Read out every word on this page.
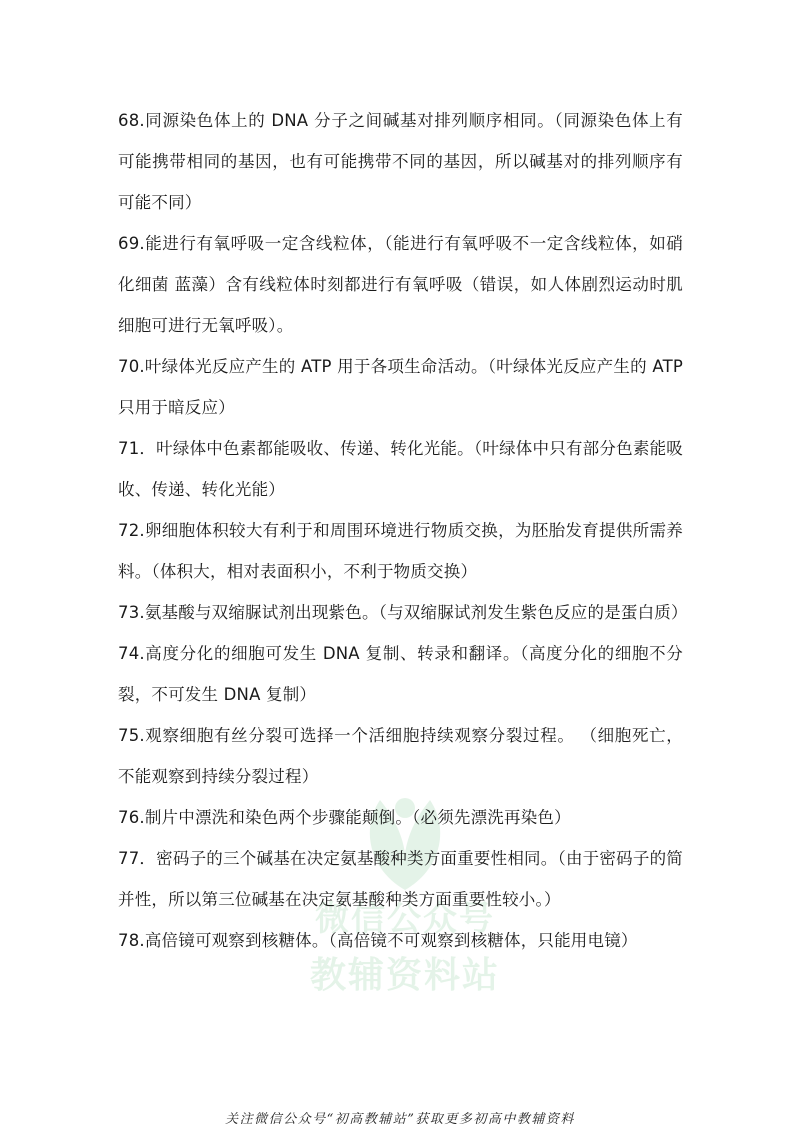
微信公众号
教辅资料站

68.同源染色体上的 DNA 分子之间碱基对排列顺序相同。（同源染色体上有可能携带相同的基因，也有可能携带不同的基因，所以碱基对的排列顺序有可能不同）

69.能进行有氧呼吸一定含线粒体，（能进行有氧呼吸不一定含线粒体，如硝化细菌 蓝藻）含有线粒体时刻都进行有氧呼吸（错误，如人体剧烈运动时肌细胞可进行无氧呼吸）。

70.叶绿体光反应产生的 ATP 用于各项生命活动。（叶绿体光反应产生的 ATP 只用于暗反应）

71．叶绿体中色素都能吸收、传递、转化光能。（叶绿体中只有部分色素能吸收、传递、转化光能）

72.卵细胞体积较大有利于和周围环境进行物质交换，为胚胎发育提供所需养料。（体积大，相对表面积小，不利于物质交换）

73.氨基酸与双缩脲试剂出现紫色。（与双缩脲试剂发生紫色反应的是蛋白质）

74.高度分化的细胞可发生 DNA 复制、转录和翻译。（高度分化的细胞不分裂，不可发生 DNA 复制）

75.观察细胞有丝分裂可选择一个活细胞持续观察分裂过程。 （细胞死亡，不能观察到持续分裂过程）

76.制片中漂洗和染色两个步骤能颠倒。（必须先漂洗再染色）

77．密码子的三个碱基在决定氨基酸种类方面重要性相同。（由于密码子的简并性，所以第三位碱基在决定氨基酸种类方面重要性较小。）

78.高倍镜可观察到核糖体。（高倍镜不可观察到核糖体，只能用电镜）

关注微信公众号“初高教辅站”获取更多初高中教辅资料
